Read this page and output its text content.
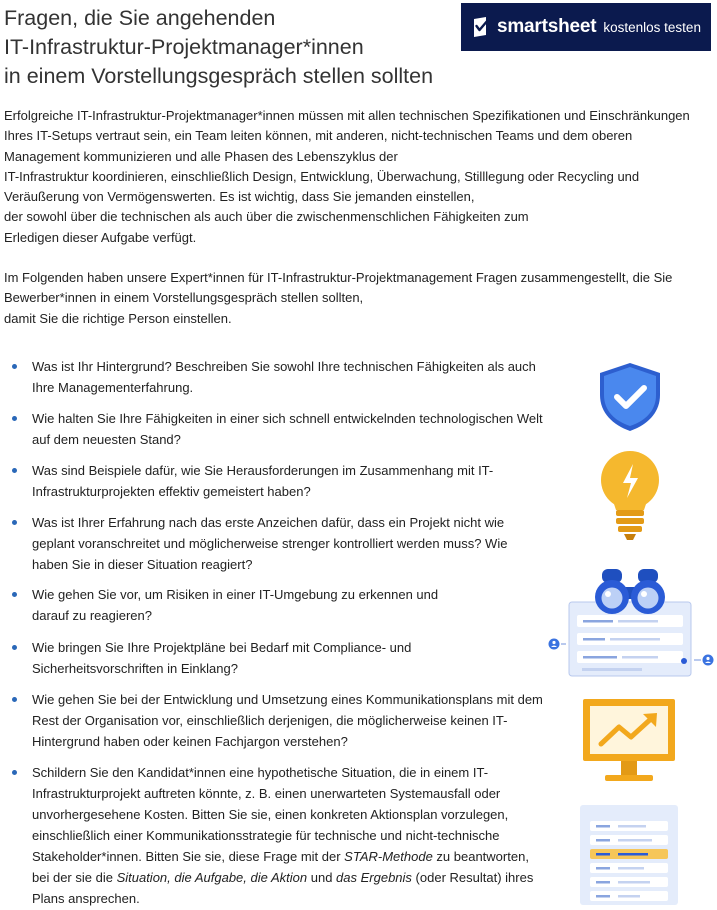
Fragen, die Sie angehenden
IT-Infrastruktur-Projektmanager*innen
in einem Vorstellungsgespräch stellen sollten
smartsheet kostenlos testen
Erfolgreiche IT-Infrastruktur-Projektmanager*innen müssen mit allen technischen Spezifikationen und Einschränkungen
Ihres IT-Setups vertraut sein, ein Team leiten können, mit anderen, nicht-technischen Teams und dem oberen
Management kommunizieren und alle Phasen des Lebenszyklus der
IT-Infrastruktur koordinieren, einschließlich Design, Entwicklung, Überwachung, Stilllegung oder Recycling und
Veräußerung von Vermögenswerten. Es ist wichtig, dass Sie jemanden einstellen,
der sowohl über die technischen als auch über die zwischenmenschlichen Fähigkeiten zum
Erledigen dieser Aufgabe verfügt.
Im Folgenden haben unsere Expert*innen für IT-Infrastruktur-Projektmanagement Fragen zusammengestellt, die Sie
Bewerber*innen in einem Vorstellungsgespräch stellen sollten,
damit Sie die richtige Person einstellen.
Was ist Ihr Hintergrund? Beschreiben Sie sowohl Ihre technischen Fähigkeiten als auch
Ihre Managementerfahrung.
Wie halten Sie Ihre Fähigkeiten in einer sich schnell entwickelnden technologischen Welt
auf dem neuesten Stand?
Was sind Beispiele dafür, wie Sie Herausforderungen im Zusammenhang mit IT-
Infrastrukturprojekten effektiv gemeistert haben?
Was ist Ihrer Erfahrung nach das erste Anzeichen dafür, dass ein Projekt nicht wie
geplant voranschreitet und möglicherweise strenger kontrolliert werden muss? Wie
haben Sie in dieser Situation reagiert?
Wie gehen Sie vor, um Risiken in einer IT-Umgebung zu erkennen und
darauf zu reagieren?
Wie bringen Sie Ihre Projektpläne bei Bedarf mit Compliance- und
Sicherheitsvorschriften in Einklang?
Wie gehen Sie bei der Entwicklung und Umsetzung eines Kommunikationsplans mit dem
Rest der Organisation vor, einschließlich derjenigen, die möglicherweise keinen IT-
Hintergrund haben oder keinen Fachjargon verstehen?
Schildern Sie den Kandidat*innen eine hypothetische Situation, die in einem IT-
Infrastrukturprojekt auftreten könnte, z. B. einen unerwarteten Systemausfall oder
unvorhergesehene Kosten. Bitten Sie sie, einen konkreten Aktionsplan vorzulegen,
einschließlich einer Kommunikationsstrategie für technische und nicht-technische
Stakeholder*innen. Bitten Sie sie, diese Frage mit der STAR-Methode zu beantworten,
bei der sie die Situation, die Aufgabe, die Aktion und das Ergebnis (oder Resultat) ihres
Plans ansprechen.
